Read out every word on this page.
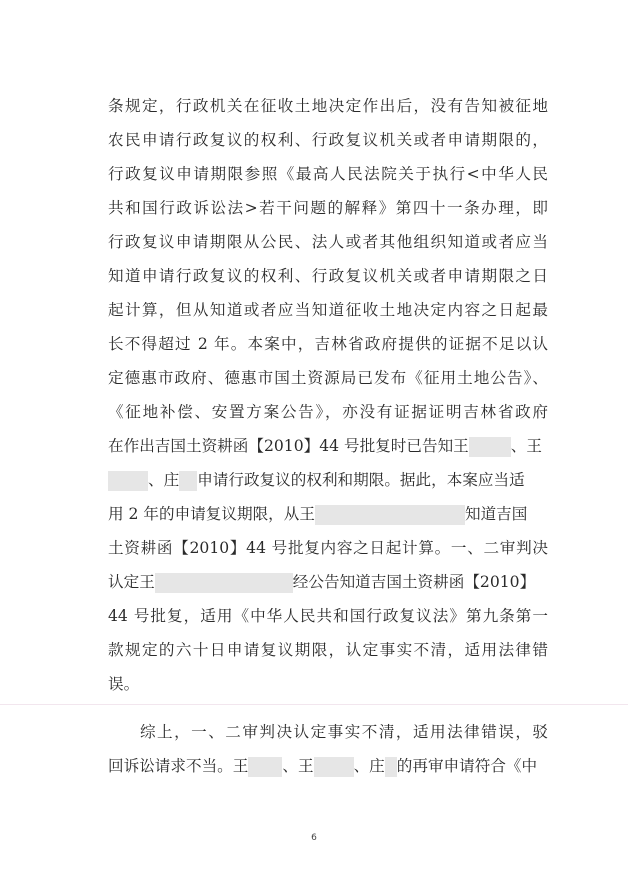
条规定，行政机关在征收土地决定作出后，没有告知被征地
农民申请行政复议的权利、行政复议机关或者申请期限的，
行政复议申请期限参照《最高人民法院关于执行<中华人民
共和国行政诉讼法>若干问题的解释》第四十一条办理，即
行政复议申请期限从公民、法人或者其他组织知道或者应当
知道申请行政复议的权利、行政复议机关或者申请期限之日
起计算，但从知道或者应当知道征收土地决定内容之日起最
长不得超过 2 年。本案中，吉林省政府提供的证据不足以认
定德惠市政府、德惠市国土资源局已发布《征用土地公告》、
《征地补偿、安置方案公告》，亦没有证据证明吉林省政府
在作出吉国土资耕函【2010】44 号批复时已告知王	、王
、庄 申请行政复议的权利和期限。据此，本案应当适
用 2 年的申请复议期限，从王	知道吉国
土资耕函【2010】44 号批复内容之日起计算。一、二审判决
认定王	经公告知道吉国土资耕函【2010】
44 号批复，适用《中华人民共和国行政复议法》第九条第一
款规定的六十日申请复议期限，认定事实不清，适用法律错
误。
综上，一、二审判决认定事实不清，适用法律错误，驳
回诉讼请求不当。王 、王	、庄 的再审申请符合《中
6
